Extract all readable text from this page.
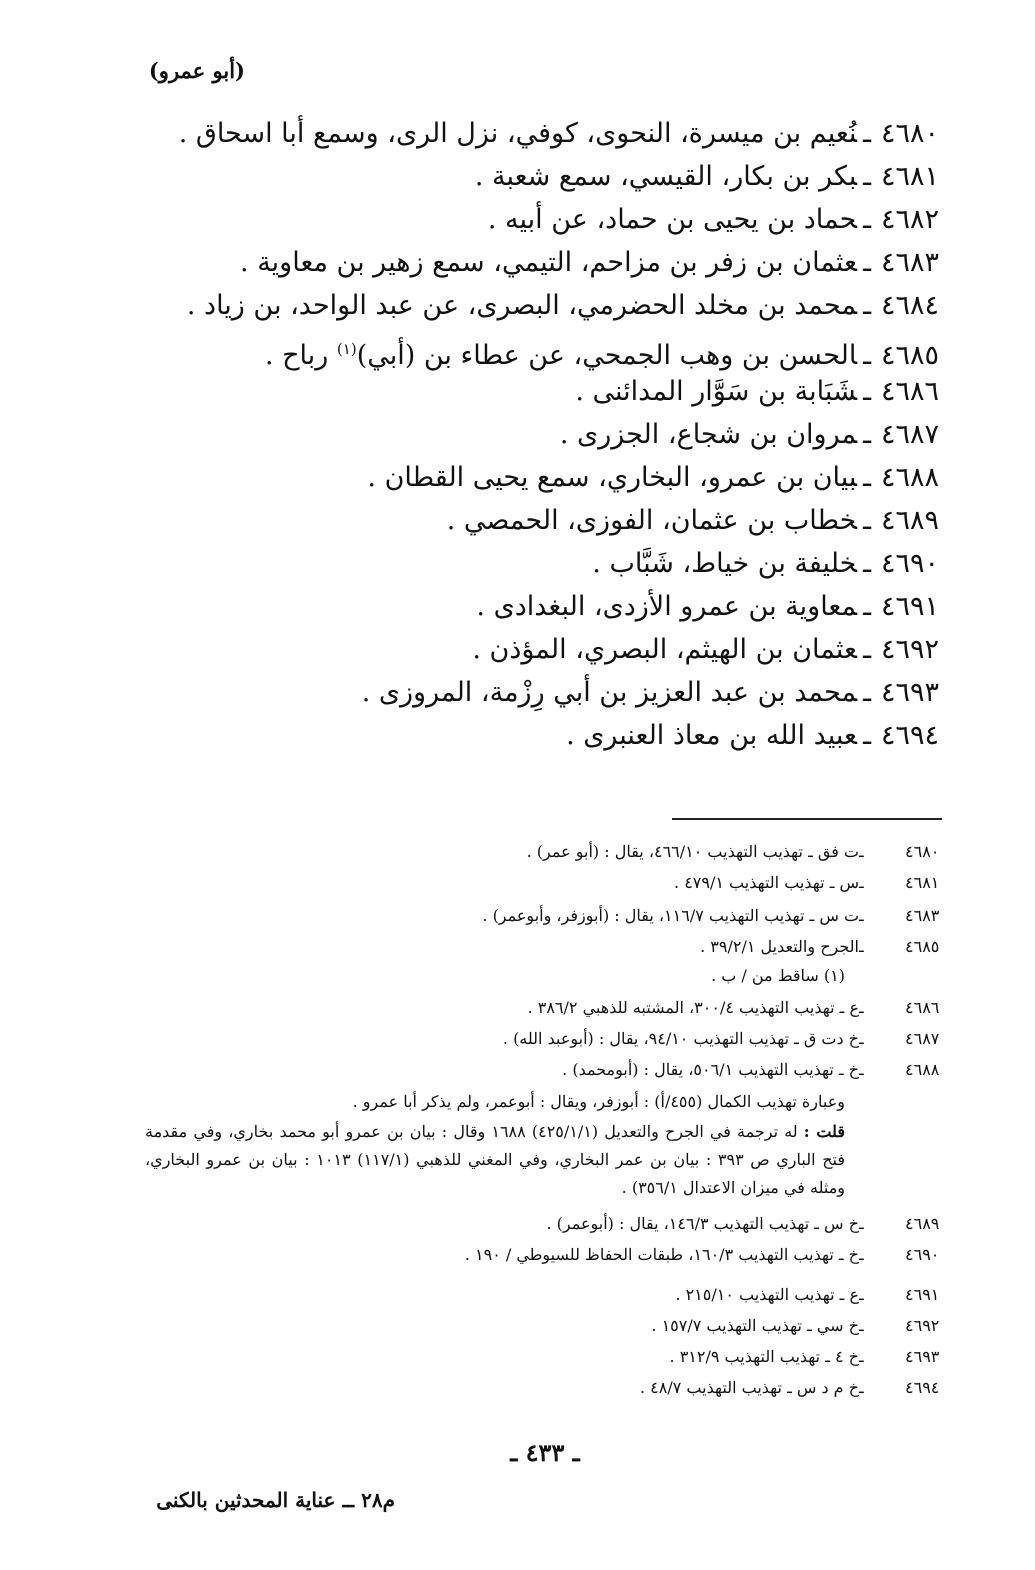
(أبو عمرو)
٤٦٨٠ـنُعيم بن ميسرة، النحوى، كوفي، نزل الرى، وسمع أبا اسحاق .
٤٦٨١ـبكر بن بكار، القيسي، سمع شعبة .
٤٦٨٢ـحماد بن يحيى بن حماد، عن أبيه .
٤٦٨٣ـعثمان بن زفر بن مزاحم، التيمي، سمع زهير بن معاوية .
٤٦٨٤ـمحمد بن مخلد الحضرمي، البصرى، عن عبد الواحد، بن زياد .
٤٦٨٥ـالحسن بن وهب الجمحي، عن عطاء بن (أبي)$^{(١)}$ رباح .
٤٦٨٦ـشَبَابة بن سَوَّار المدائنى .
٤٦٨٧ـمروان بن شجاع، الجزرى .
٤٦٨٨ـبيان بن عمرو، البخاري، سمع يحيى القطان .
٤٦٨٩ـخطاب بن عثمان، الفوزى، الحمصي .
٤٦٩٠ـخليفة بن خياط، شَبَّاب .
٤٦٩١ـمعاوية بن عمرو الأزدى، البغدادى .
٤٦٩٢ـعثمان بن الهيثم، البصري، المؤذن .
٤٦٩٣ـمحمد بن عبد العزيز بن أبي رِزْمة، المروزى .
٤٦٩٤ـعبيد الله بن معاذ العنبرى .
٤٦٨٠ـت فق ـ تهذيب التهذيب ٤٦٦/١٠، يقال : (أبو عمر) .
٤٦٨١ـس ـ تهذيب التهذيب ٤٧٩/١ .
٤٦٨٣ـت س ـ تهذيب التهذيب ١١٦/٧، يقال : (أبوزفر، وأبوعمر) .
٤٦٨٥ـالجرح والتعديل ٣٩/٢/١ .
(١) ساقط من / ب .
٤٦٨٦ـع ـ تهذيب التهذيب ٣٠٠/٤، المشتبه للذهبي ٣٨٦/٢ .
٤٦٨٧ـخ دت ق ـ تهذيب التهذيب ٩٤/١٠، يقال : (أبوعبد الله) .
٤٦٨٨ـخ ـ تهذيب التهذيب ٥٠٦/١، يقال : (أبومحمد) .
وعبارة تهذيب الكمال (٤٥٥/أ) : أبوزفر، ويقال : أبوعمر، ولم يذكر أبا عمرو .
قلت : له ترجمة في الجرح والتعديل (٤٢٥/١/١) ١٦٨٨ وقال : بيان بن عمرو أبو محمد بخاري، وفي مقدمة فتح الباري ص ٣٩٣ : بيان بن عمر البخاري، وفي المغني للذهبي (١١٧/١) ١٠١٣ : بيان بن عمرو البخاري، ومثله في ميزان الاعتدال ٣٥٦/١) .
٤٦٨٩ـخ س ـ تهذيب التهذيب ١٤٦/٣، يقال : (أبوعمر) .
٤٦٩٠ـخ ـ تهذيب التهذيب ١٦٠/٣، طبقات الحفاظ للسيوطي / ١٩٠ .
٤٦٩١ـع ـ تهذيب التهذيب ٢١٥/١٠ .
٤٦٩٢ـخ سي ـ تهذيب التهذيب ١٥٧/٧ .
٤٦٩٣ـخ ٤ ـ تهذيب التهذيب ٣١٢/٩ .
٤٦٩٤ـخ م د س ـ تهذيب التهذيب ٤٨/٧ .
ـ ٤٣٣ ـ
م٢٨ ــ عناية المحدثين بالكنى
